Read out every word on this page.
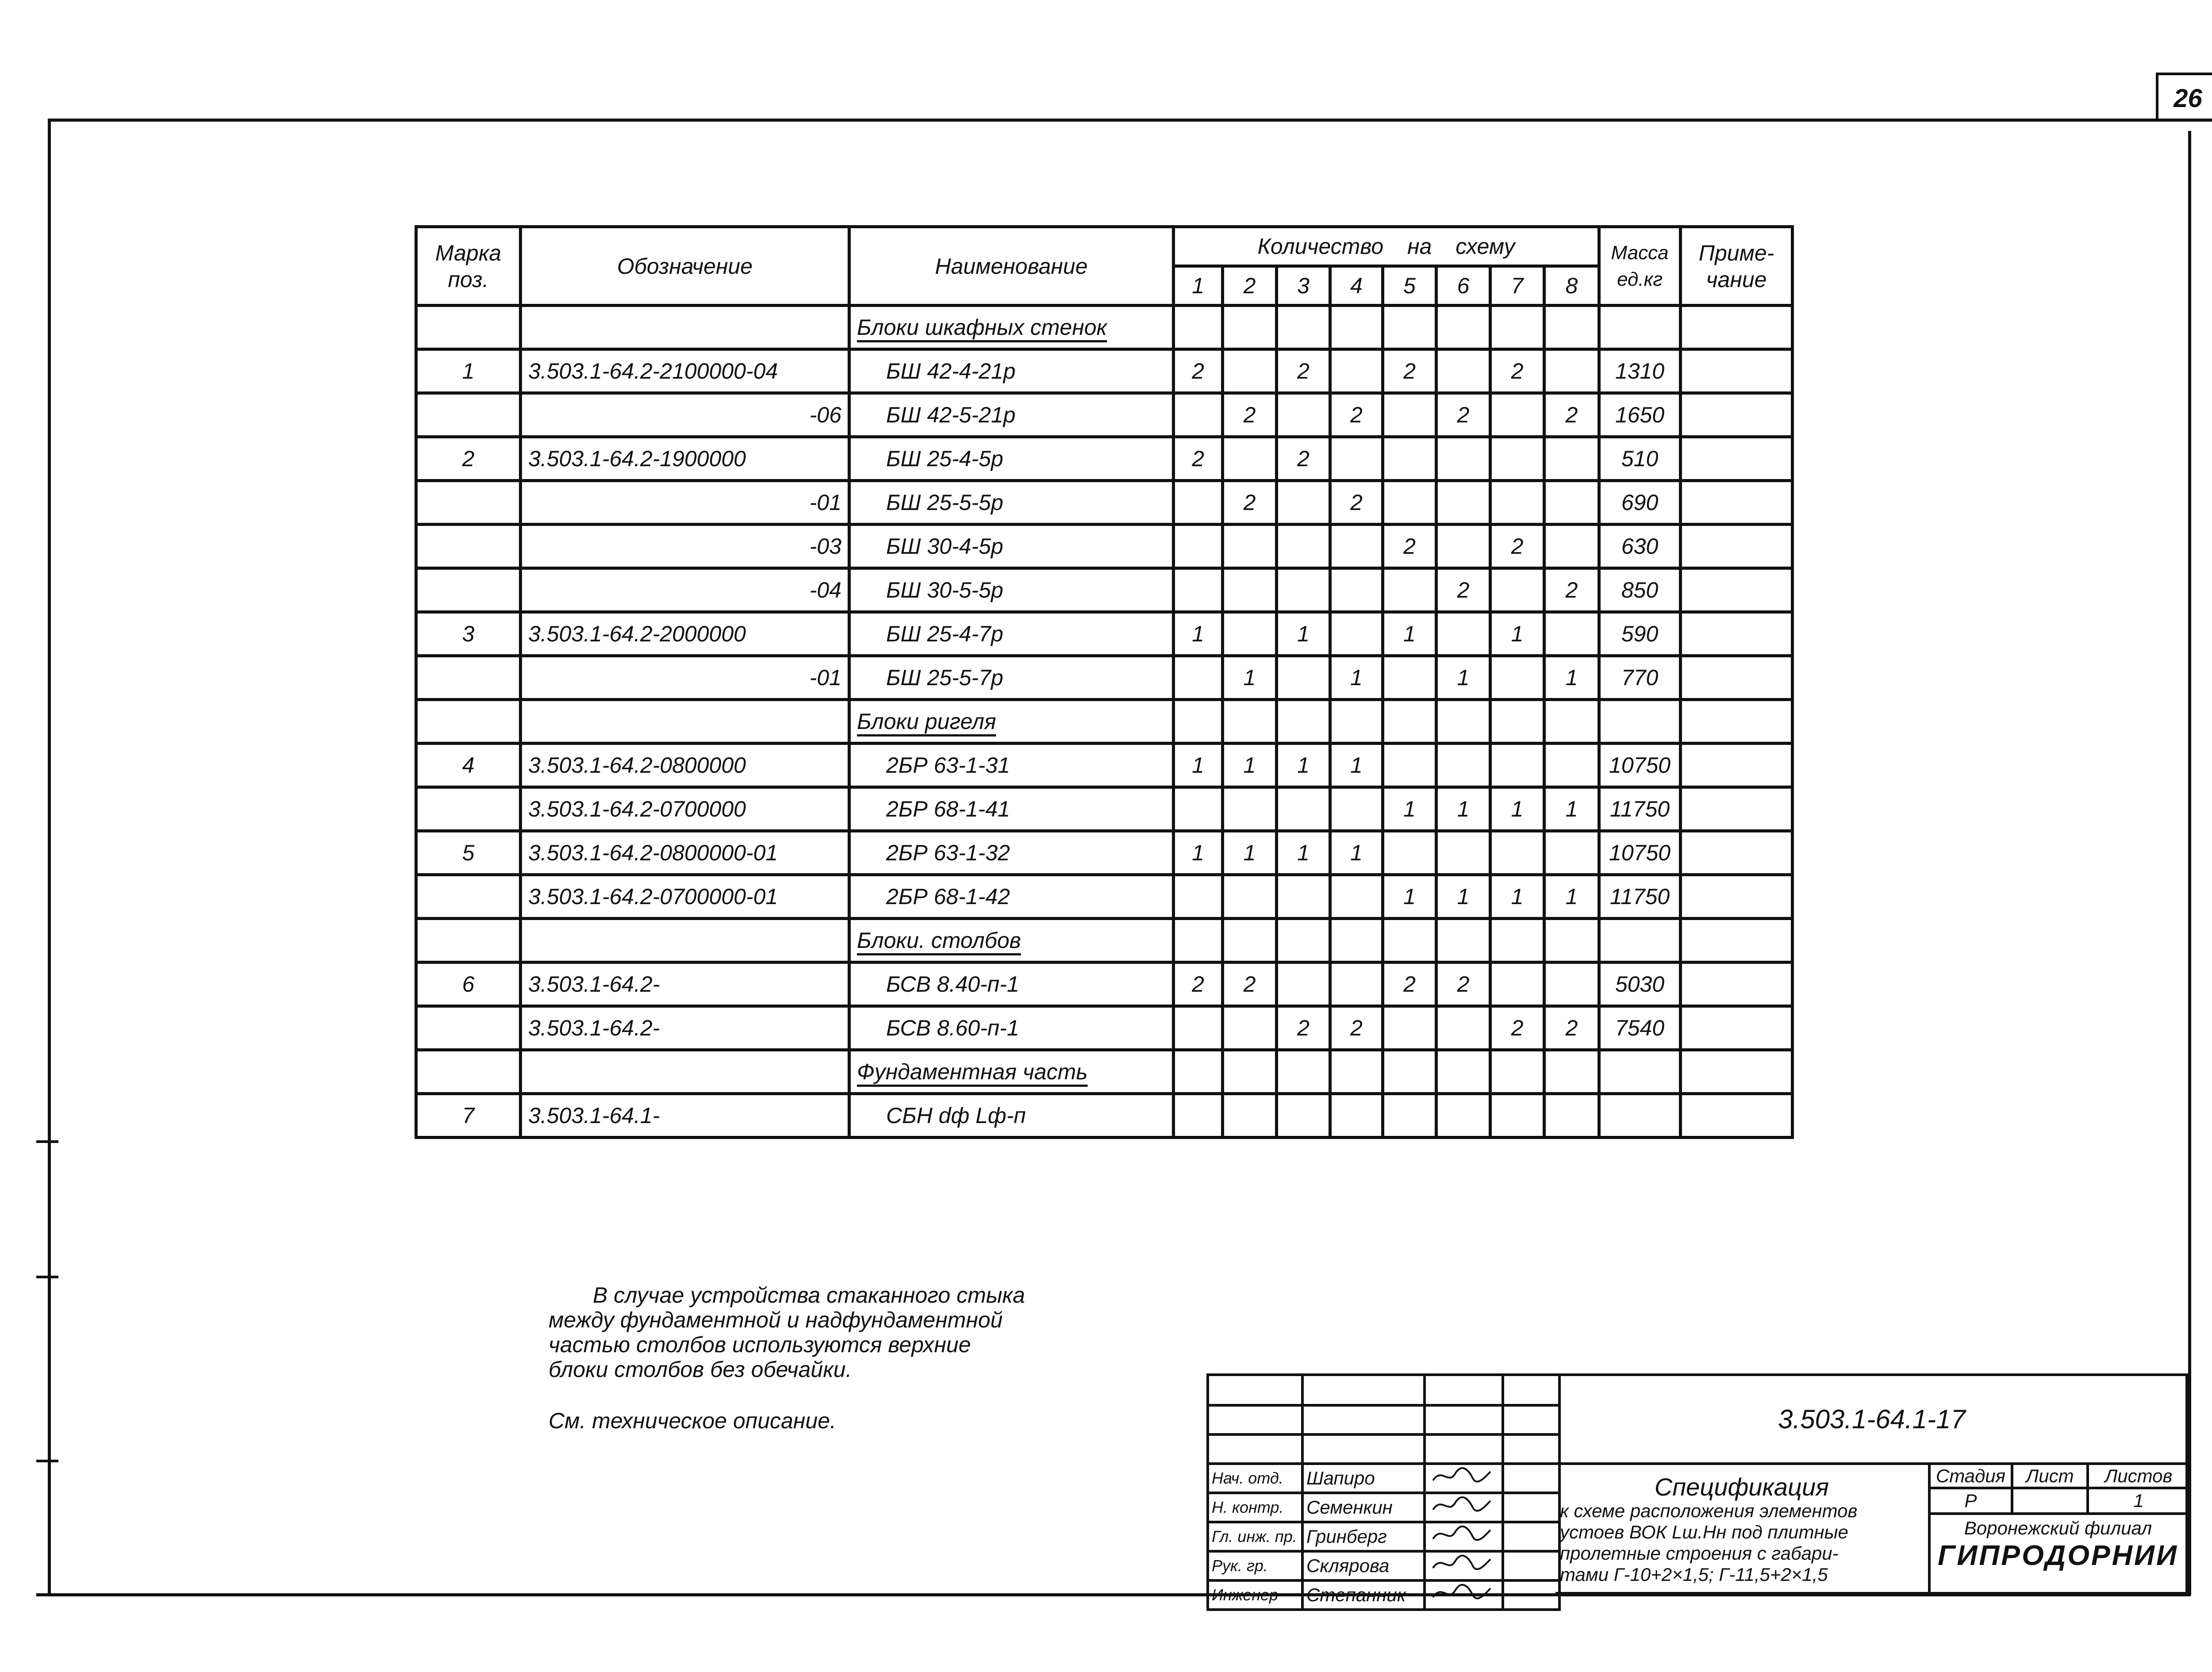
26
Марка поз.	Обозначение	Наименование	Количество на схему								Масса ед.кг	Приме-чание
			1	2	3	4	5	6	7	8		
		Блоки шкафных стенок										
1	3.503.1-64.2-2100000-04	БШ 42-4-21р	2		2		2		2		1310	
	-06	БШ 42-5-21р		2		2		2		2	1650	
2	3.503.1-64.2-1900000	БШ 25-4-5р	2		2						510	
	-01	БШ 25-5-5р		2		2					690	
	-03	БШ 30-4-5р					2		2		630	
	-04	БШ 30-5-5р						2		2	850	
3	3.503.1-64.2-2000000	БШ 25-4-7р	1		1		1		1		590	
	-01	БШ 25-5-7р		1		1		1		1	770	
		Блоки ригеля										
4	3.503.1-64.2-0800000	2БР 63-1-31	1	1	1	1					10750	
	3.503.1-64.2-0700000	2БР 68-1-41					1	1	1	1	11750	
5	3.503.1-64.2-0800000-01	2БР 63-1-32	1	1	1	1					10750	
	3.503.1-64.2-0700000-01	2БР 68-1-42					1	1	1	1	11750	
		Блоки. столбов										
6	3.503.1-64.2-	БСВ 8.40-п-1	2	2			2	2			5030	
	3.503.1-64.2-	БСВ 8.60-п-1			2	2			2	2	7540	
		Фундаментная часть										
7	3.503.1-64.1-	СБН dф Lф-п										
В случае устройства стаканного стыка
между фундаментной и надфундаментной
частью столбов используются верхние
блоки столбов без обечайки.
См. техническое описание.

Нач. отд.	Шапиро		
Н. контр.	Семенкин		
Гл. инж. пр.	Гринберг		
Рук. гр.	Склярова		
Инженер	Степанник		
3.503.1-64.1-17
Спецификация
к схеме расположения элементов
устоев ВОК Lш.Нн под плитные
пролетные строения с габари-
тами Г-10+2×1,5; Г-11,5+2×1,5
Стадия	Лист	Листов
Р		1
Воронежский филиал
ГИПРОДОРНИИ
